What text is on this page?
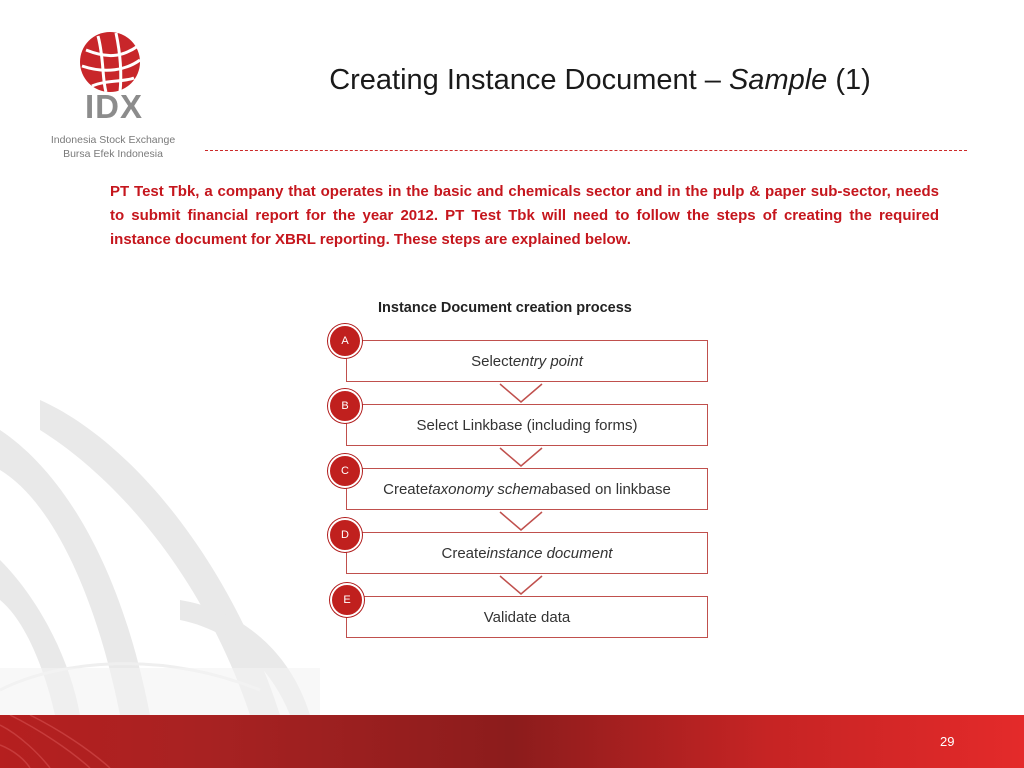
IDX
Indonesia Stock Exchange
Bursa Efek Indonesia
Creating Instance Document – Sample (1)
PT Test Tbk, a company that operates in the basic and chemicals sector and in the pulp & paper sub-sector, needs to submit financial report for the year 2012. PT Test Tbk will need to follow the steps of creating the required instance document for XBRL reporting. These steps are explained below.
Instance Document creation process
Select entry point
A
Select Linkbase (including forms)
B
Create taxonomy schema based on linkbase
C
Create instance document
D
Validate data
E
29
